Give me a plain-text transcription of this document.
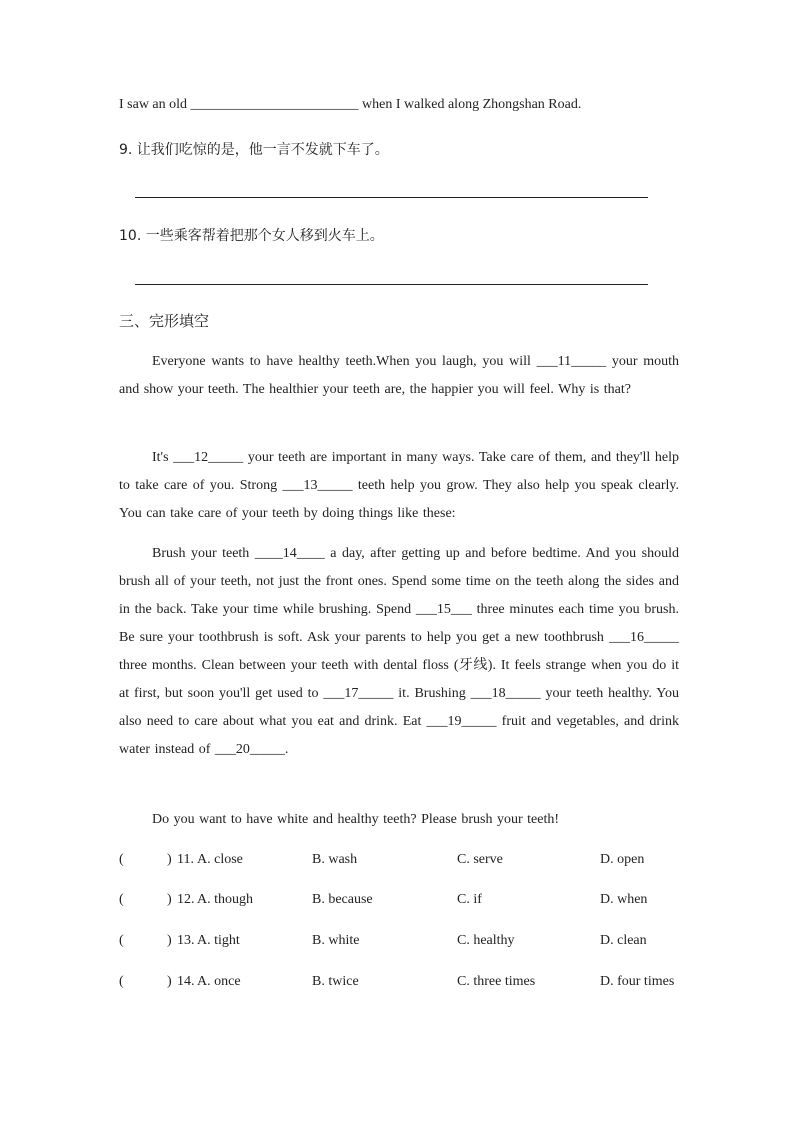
I saw an old ________________________ when I walked along Zhongshan Road.
9. 让我们吃惊的是，他一言不发就下车了。
10. 一些乘客帮着把那个女人移到火车上。
三、完形填空
Everyone wants to have healthy teeth.When you laugh, you will ___11_____ your mouth and show your teeth. The healthier your teeth are, the happier you will feel. Why is that?
It's ___12_____ your teeth are important in many ways. Take care of them, and they'll help to take care of you. Strong ___13_____ teeth help you grow. They also help you speak clearly. You can take care of your teeth by doing things like these:
Brush your teeth ____14____ a day, after getting up and before bedtime. And you should brush all of your teeth, not just the front ones. Spend some time on the teeth along the sides and in the back. Take your time while brushing. Spend ___15___ three minutes each time you brush. Be sure your toothbrush is soft. Ask your parents to help you get a new toothbrush ___16_____ three months. Clean between your teeth with dental floss (牙线). It feels strange when you do it at first, but soon you'll get used to ___17_____ it. Brushing ___18_____ your teeth healthy. You also need to care about what you eat and drink. Eat ___19_____ fruit and vegetables, and drink water instead of ___20_____.
Do you want to have white and healthy teeth? Please brush your teeth!
(	) 11. A. close	B. wash	C. serve	D. open
(	) 12. A. though	B. because	C. if	D. when
(	) 13. A. tight	B. white	C. healthy	D. clean
(	) 14. A. once	B. twice	C. three times	D. four times
